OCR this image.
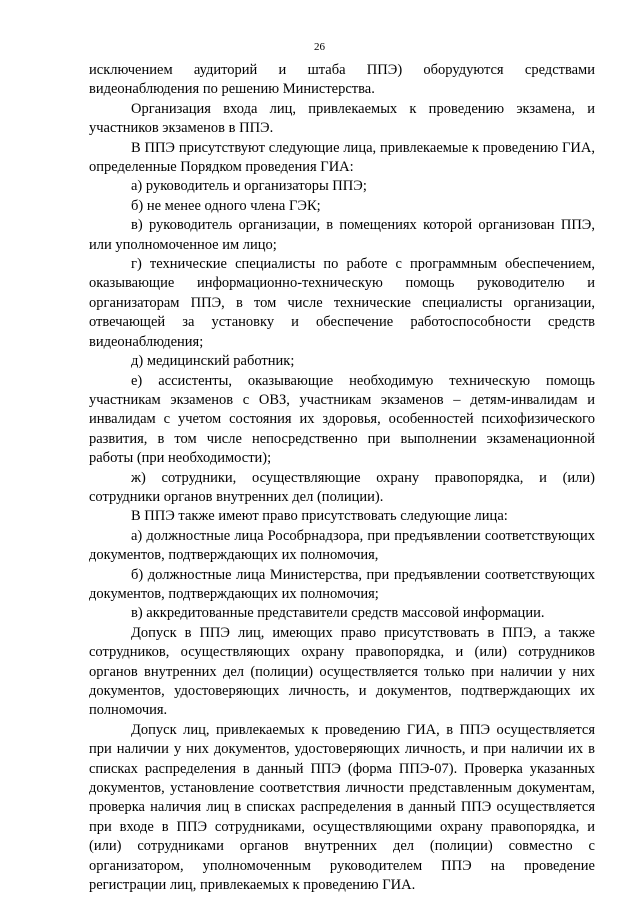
26

исключением аудиторий и штаба ППЭ) оборудуются средствами видеонаблюдения по решению Министерства.

Организация входа лиц, привлекаемых к проведению экзамена, и участников экзаменов в ППЭ.

В ППЭ присутствуют следующие лица, привлекаемые к проведению ГИА, определенные Порядком проведения ГИА:

а) руководитель и организаторы ППЭ;

б) не менее одного члена ГЭК;

в) руководитель организации, в помещениях которой организован ППЭ, или уполномоченное им лицо;

г) технические специалисты по работе с программным обеспечением, оказывающие информационно-техническую помощь руководителю и организаторам ППЭ, в том числе технические специалисты организации, отвечающей за установку и обеспечение работоспособности средств видеонаблюдения;

д) медицинский работник;

е) ассистенты, оказывающие необходимую техническую помощь участникам экзаменов с ОВЗ, участникам экзаменов – детям-инвалидам и инвалидам с учетом состояния их здоровья, особенностей психофизического развития, в том числе непосредственно при выполнении экзаменационной работы (при необходимости);

ж) сотрудники, осуществляющие охрану правопорядка, и (или) сотрудники органов внутренних дел (полиции).

В ППЭ также имеют право присутствовать следующие лица:

а) должностные лица Рособрнадзора, при предъявлении соответствующих документов, подтверждающих их полномочия,

б) должностные лица Министерства, при предъявлении соответствующих документов, подтверждающих их полномочия;

в) аккредитованные представители средств массовой информации.

Допуск в ППЭ лиц, имеющих право присутствовать в ППЭ, а также сотрудников, осуществляющих охрану правопорядка, и (или) сотрудников органов внутренних дел (полиции) осуществляется только при наличии у них документов, удостоверяющих личность, и документов, подтверждающих их полномочия.

Допуск лиц, привлекаемых к проведению ГИА, в ППЭ осуществляется при наличии у них документов, удостоверяющих личность, и при наличии их в списках распределения в данный ППЭ (форма ППЭ-07). Проверка указанных документов, установление соответствия личности представленным документам, проверка наличия лиц в списках распределения в данный ППЭ осуществляется при входе в ППЭ сотрудниками, осуществляющими охрану правопорядка, и (или) сотрудниками органов внутренних дел (полиции) совместно с организатором, уполномоченным руководителем ППЭ на проведение регистрации лиц, привлекаемых к проведению ГИА.
